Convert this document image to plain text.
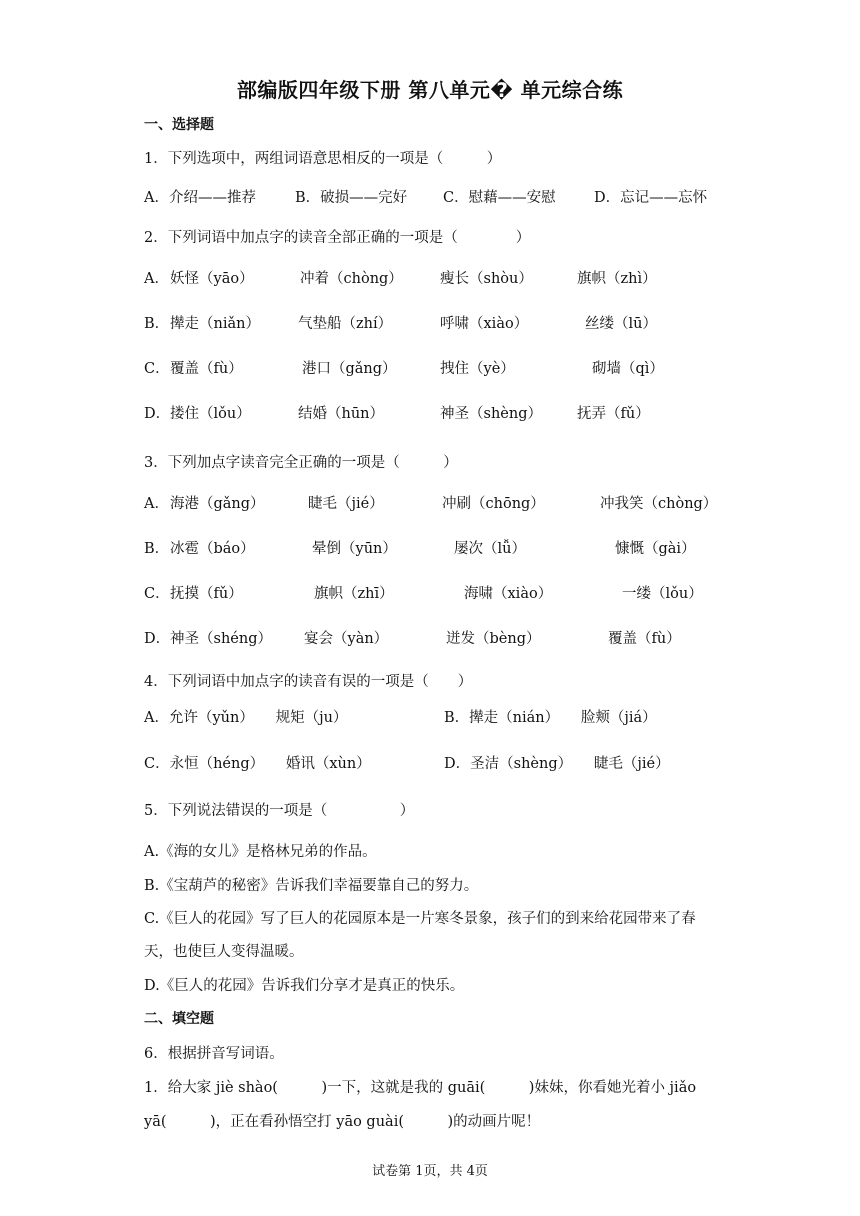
部编版四年级下册 第八单元� 单元综合练
一、选择题
1．下列选项中，两组词语意思相反的一项是（　　　）
A．介绍——推荐	B．破损——完好 C．慰藉——安慰	D．忘记——忘怀
2．下列词语中加点字的读音全部正确的一项是（　　　　）
A． 妖怪（yāo）	冲着（chòng）	瘦长（shòu）	旗帜（zhì）
B． 撵走（niǎn）	气垫船（zhí）	呼啸（xiào）	丝缕（lū）
C． 覆盖（fù）	港口（gǎng）	拽住（yè）	砌墙（qì）
D． 搂住（lǒu）	结婚（hūn）	神圣（shèng） 抚弄（fǔ）
3．下列加点字读音完全正确的一项是（　　　）
A． 海港（gǎng）	睫毛（jié）	冲刷（chōng）	冲我笑（chòng）
B． 冰雹（báo）	晕倒（yūn）	屡次（lǚ）	慷慨（gài）
C． 抚摸（fǔ）	旗帜（zhī）	海啸（xiào）	一缕（lǒu）
D． 神圣（shéng） 宴会（yàn）	迸发（bèng）	覆盖（fù）
4．下列词语中加点字的读音有误的一项是（　　）
A．允许（yǔn）　　规矩（ju）	B．撵走（nián）　　脸颊（jiá）
C．永恒（héng）　　婚讯（xùn）	D．圣洁（shèng）　　睫毛（jié）
5．下列说法错误的一项是（　　　　　）
A.《海的女儿》是格林兄弟的作品。
B.《宝葫芦的秘密》告诉我们幸福要靠自己的努力。
C.《巨人的花园》写了巨人的花园原本是一片寒冬景象，孩子们的到来给花园带来了春
天，也使巨人变得温暖。
D.《巨人的花园》告诉我们分享才是真正的快乐。
二、填空题
6．根据拼音写词语。
1．给大家 jiè shào(　　　)一下，这就是我的 guāi(　　　)妹妹，你看她光着小 jiǎo
yā(　　　)，正在看孙悟空打 yāo guài(　　　)的动画片呢！
试卷第 1页，共 4页
